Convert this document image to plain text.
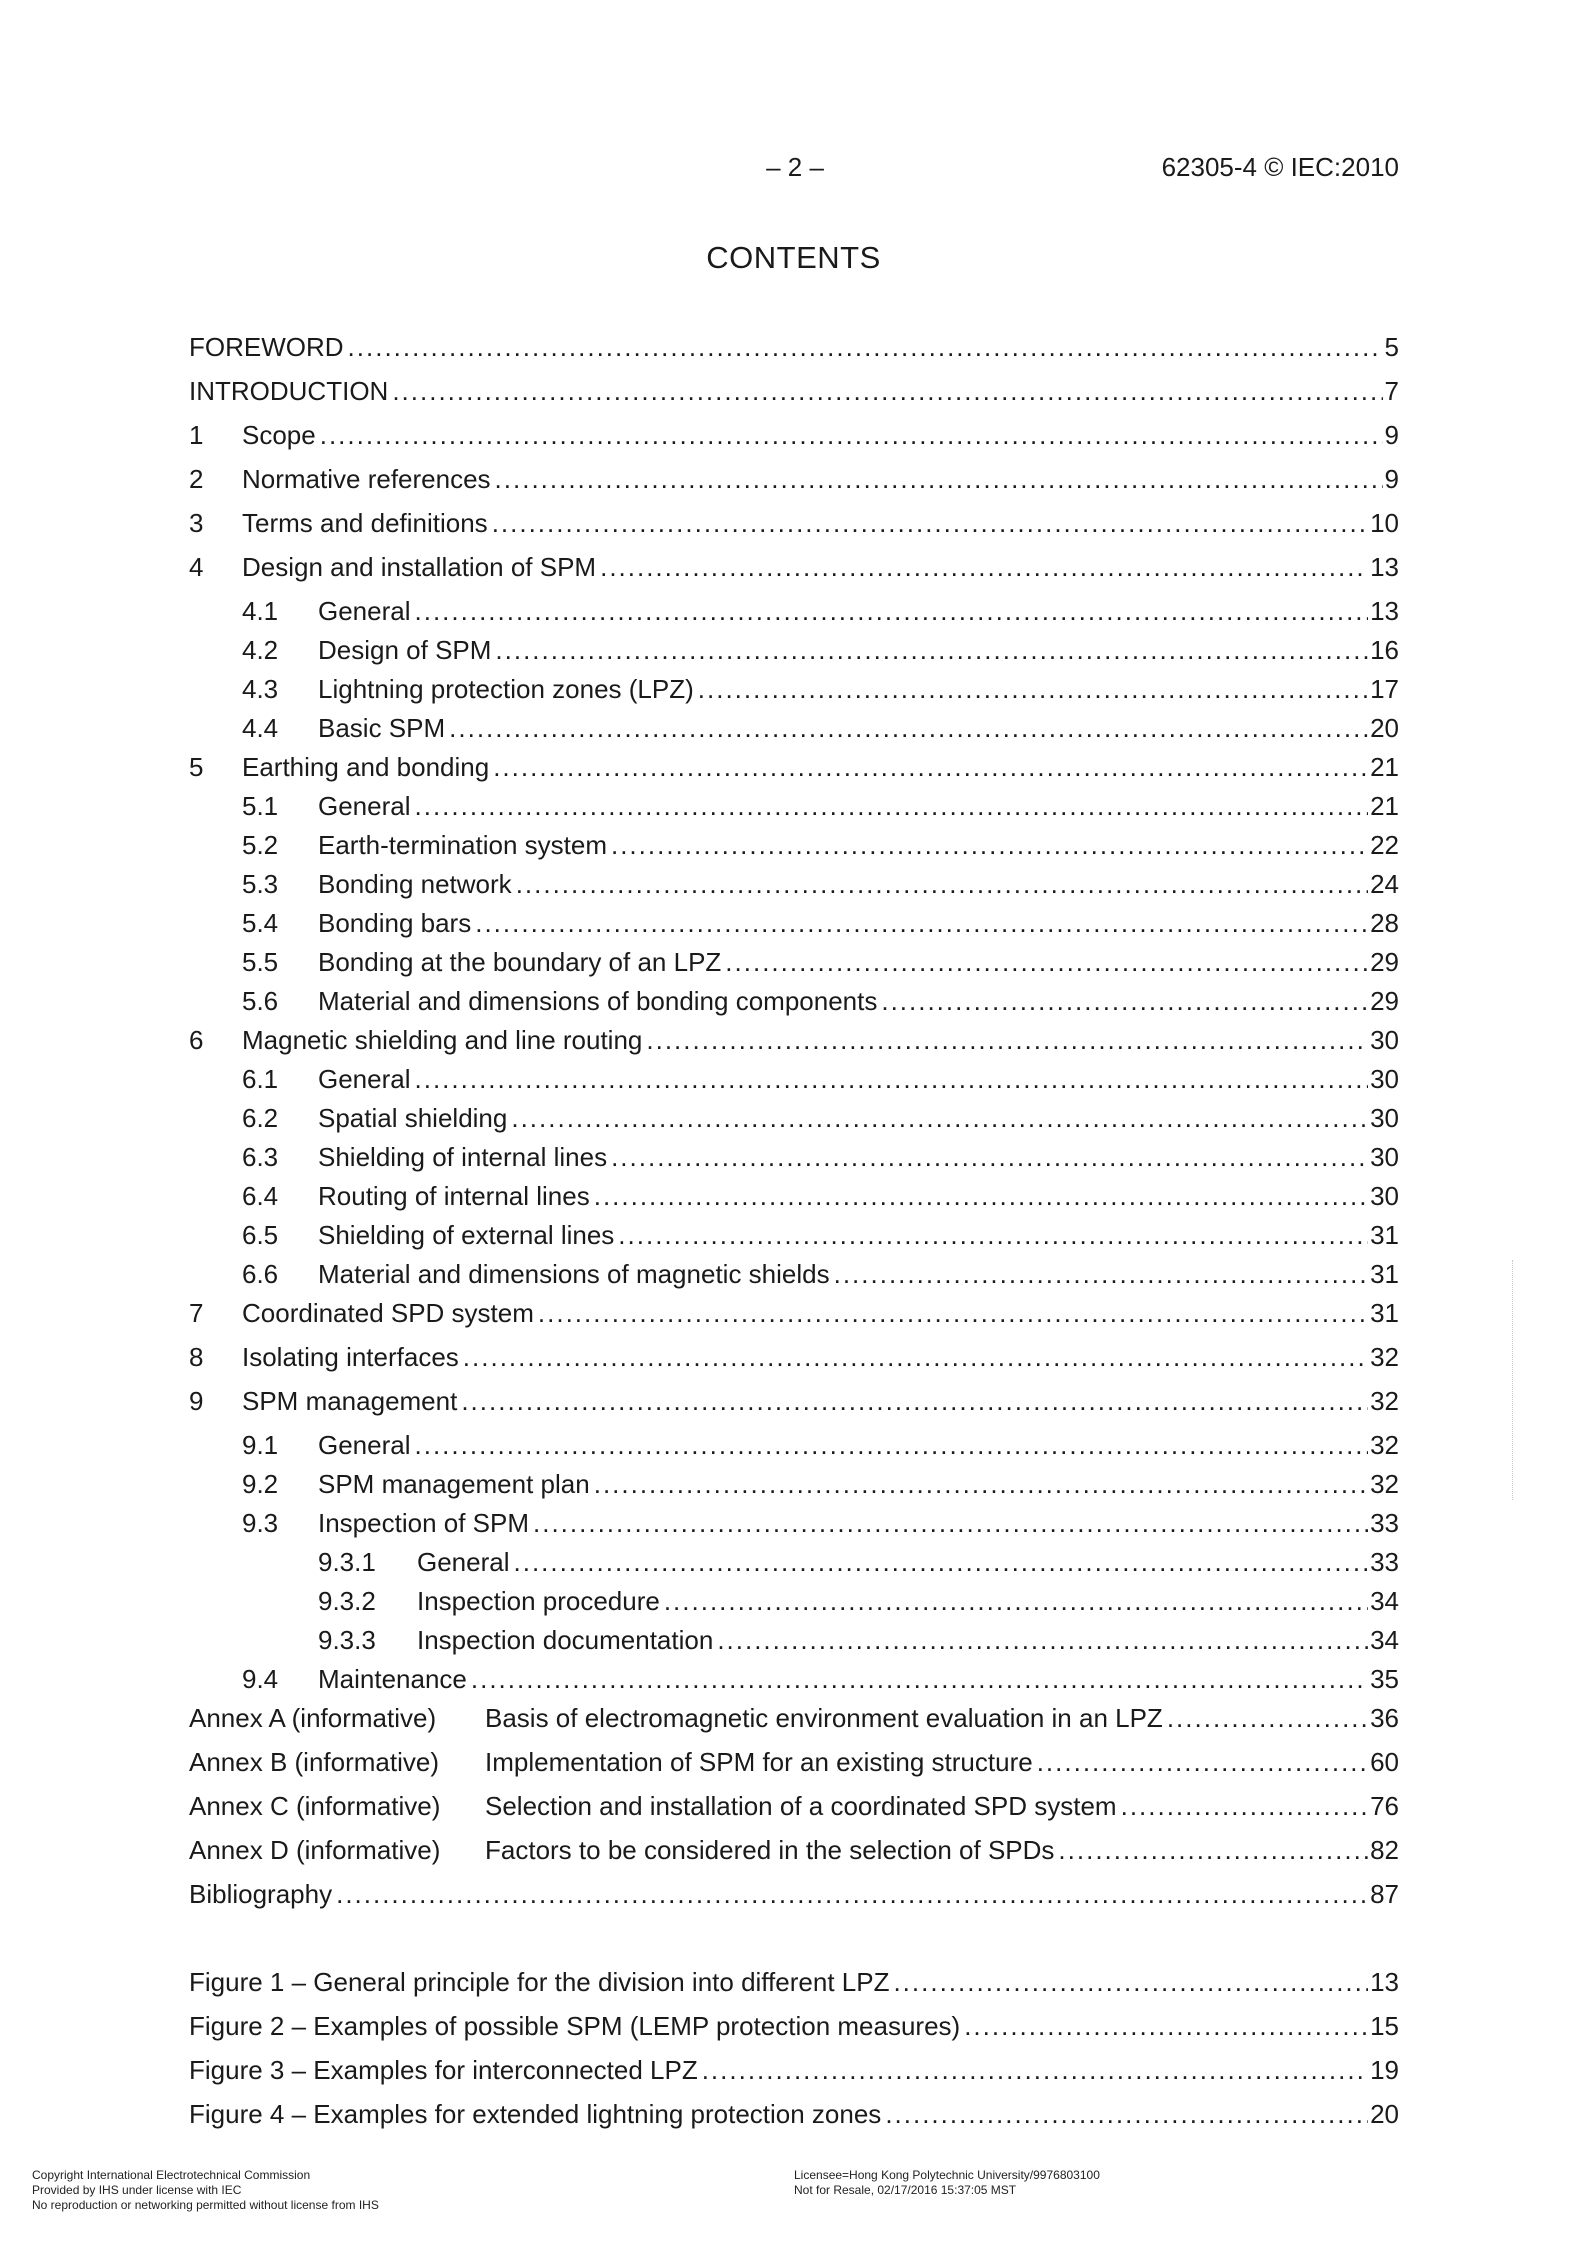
– 2 –	62305-4 © IEC:2010
CONTENTS
FOREWORD .....	5
INTRODUCTION .....	7
1	Scope .....	9
2	Normative references .....	9
3	Terms and definitions .....	10
4	Design and installation of SPM .....	13
4.1	General .....	13
4.2	Design of SPM .....	16
4.3	Lightning protection zones (LPZ) .....	17
4.4	Basic SPM .....	20
5	Earthing and bonding .....	21
5.1	General .....	21
5.2	Earth-termination system .....	22
5.3	Bonding network .....	24
5.4	Bonding bars .....	28
5.5	Bonding at the boundary of an LPZ .....	29
5.6	Material and dimensions of bonding components .....	29
6	Magnetic shielding and line routing .....	30
6.1	General .....	30
6.2	Spatial shielding .....	30
6.3	Shielding of internal lines .....	30
6.4	Routing of internal lines .....	30
6.5	Shielding of external lines .....	31
6.6	Material and dimensions of magnetic shields .....	31
7	Coordinated SPD system .....	31
8	Isolating interfaces .....	32
9	SPM management .....	32
9.1	General .....	32
9.2	SPM management plan .....	32
9.3	Inspection of SPM .....	33
9.3.1	General .....	33
9.3.2	Inspection procedure .....	34
9.3.3	Inspection documentation .....	34
9.4	Maintenance .....	35
Annex A (informative)	Basis of electromagnetic environment evaluation in an LPZ .....	36
Annex B (informative)	Implementation of SPM for an existing structure .....	60
Annex C (informative)	Selection and installation of a coordinated SPD system .....	76
Annex D (informative)	Factors to be considered in the selection of SPDs .....	82
Bibliography .....	87
Figure 1 – General principle for the division into different LPZ .....	13
Figure 2 – Examples of possible SPM (LEMP protection measures) .....	15
Figure 3 – Examples for interconnected LPZ .....	19
Figure 4 – Examples for extended lightning protection zones .....	20
Copyright International Electrotechnical Commission
Provided by IHS under license with IEC
No reproduction or networking permitted without license from IHS
Licensee=Hong Kong Polytechnic University/9976803100
Not for Resale, 02/17/2016 15:37:05 MST
